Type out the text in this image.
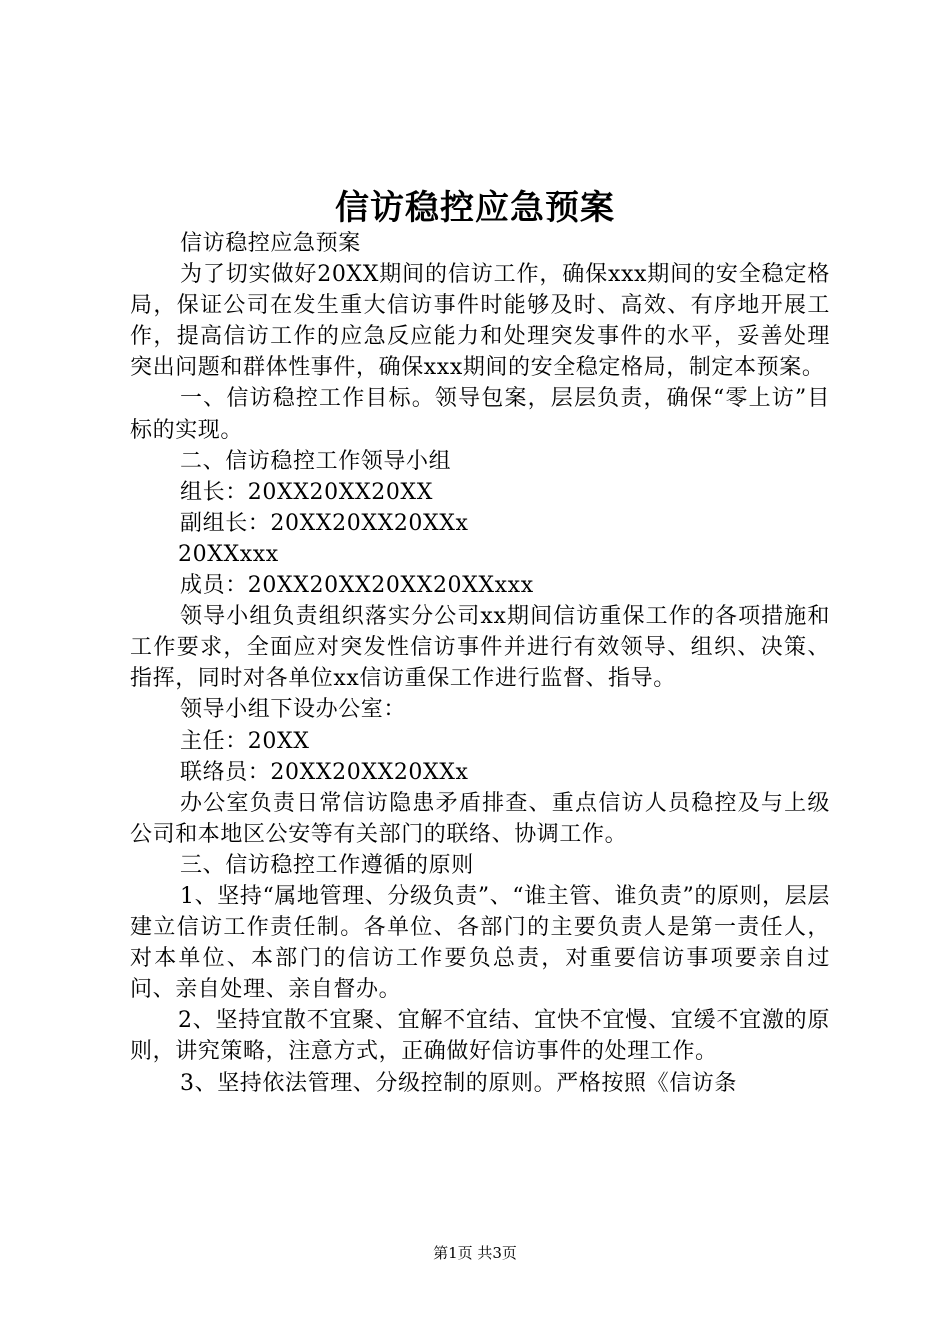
信访稳控应急预案

信访稳控应急预案

为了切实做好20XX期间的信访工作，确保xxx期间的安全稳定格局，保证公司在发生重大信访事件时能够及时、高效、有序地开展工作，提高信访工作的应急反应能力和处理突发事件的水平，妥善处理突出问题和群体性事件，确保xxx期间的安全稳定格局，制定本预案。

一、信访稳控工作目标。领导包案，层层负责，确保“零上访”目标的实现。

二、信访稳控工作领导小组

组长：20XX20XX20XX

副组长：20XX20XX20XXx

20XXxxx

成员：20XX20XX20XX20XXxxx

领导小组负责组织落实分公司xx期间信访重保工作的各项措施和工作要求，全面应对突发性信访事件并进行有效领导、组织、决策、指挥，同时对各单位xx信访重保工作进行监督、指导。

领导小组下设办公室：

主任：20XX

联络员：20XX20XX20XXx

办公室负责日常信访隐患矛盾排查、重点信访人员稳控及与上级公司和本地区公安等有关部门的联络、协调工作。

三、信访稳控工作遵循的原则

1、坚持“属地管理、分级负责”、“谁主管、谁负责”的原则，层层建立信访工作责任制。各单位、各部门的主要负责人是第一责任人，对本单位、本部门的信访工作要负总责，对重要信访事项要亲自过问、亲自处理、亲自督办。

2、坚持宜散不宜聚、宜解不宜结、宜快不宜慢、宜缓不宜激的原则，讲究策略，注意方式，正确做好信访事件的处理工作。

3、坚持依法管理、分级控制的原则。严格按照《信访条

第1页 共3页
